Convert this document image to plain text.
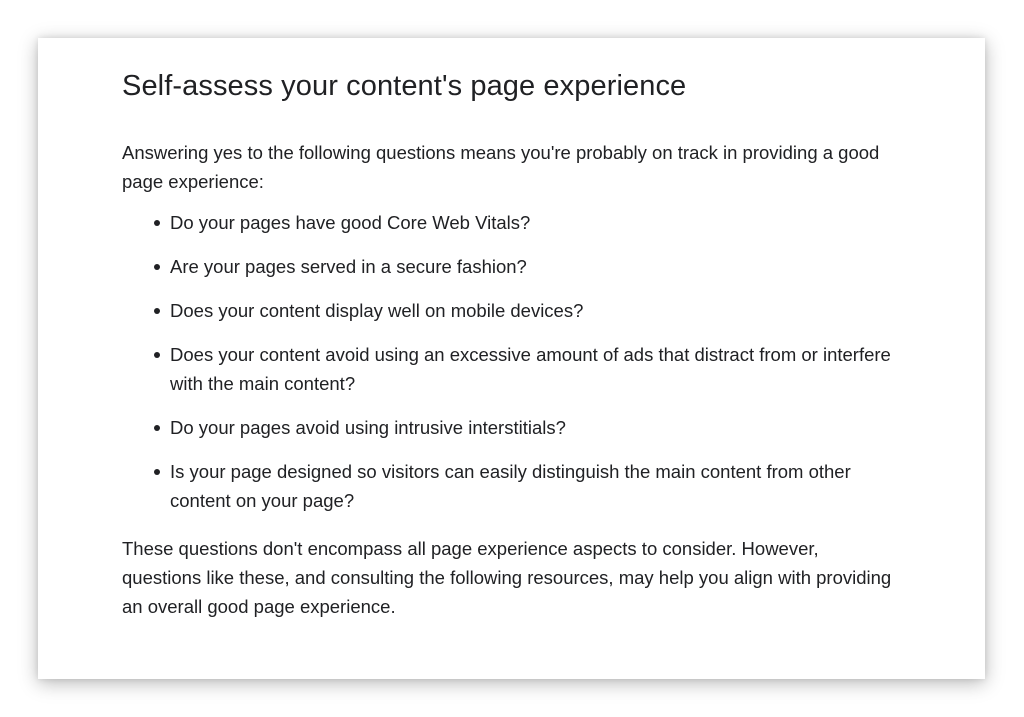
Self-assess your content's page experience

Answering yes to the following questions means you're probably on track in providing a good page experience:

Do your pages have good Core Web Vitals?
Are your pages served in a secure fashion?
Does your content display well on mobile devices?
Does your content avoid using an excessive amount of ads that distract from or interfere with the main content?
Do your pages avoid using intrusive interstitials?
Is your page designed so visitors can easily distinguish the main content from other content on your page?

These questions don't encompass all page experience aspects to consider. However, questions like these, and consulting the following resources, may help you align with providing an overall good page experience.
